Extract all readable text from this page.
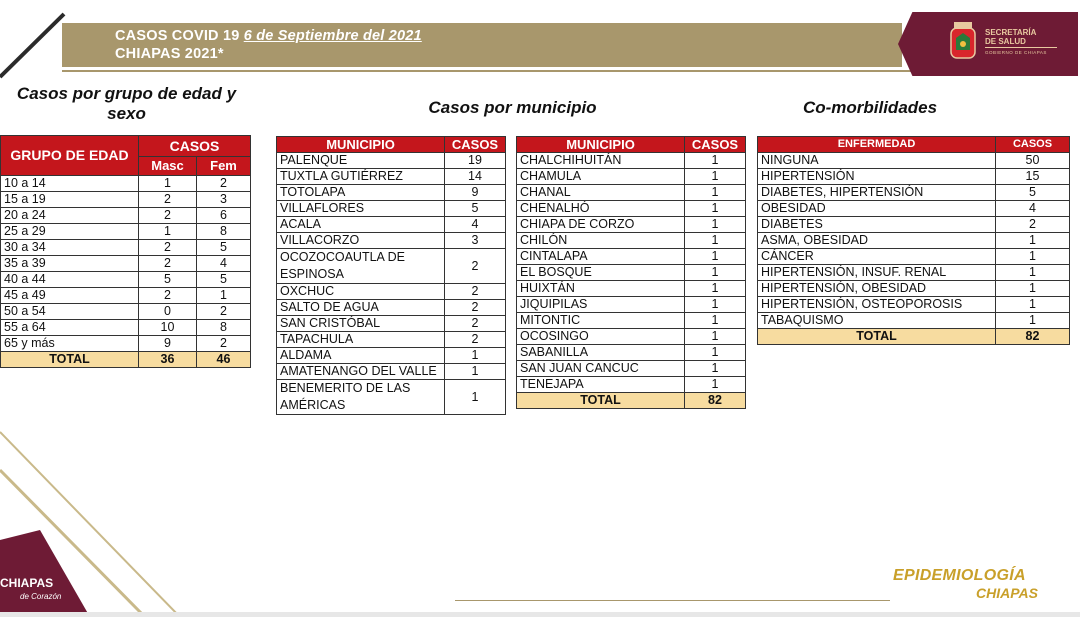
CASOS COVID 19 6 de Septiembre del 2021
CHIAPAS 2021*
SECRETARÍA
DE SALUD
GOBIERNO DE CHIAPAS
Casos por grupo de edad y sexo	Casos por municipio	Co-morbilidades
GRUPO DE EDAD	CASOS	
	Masc	Fem
10 a 14	1	2
15 a 19	2	3
20 a 24	2	6
25 a 29	1	8
30 a 34	2	5
35 a 39	2	4
40 a 44	5	5
45 a 49	2	1
50 a 54	0	2
55 a 64	10	8
65 y más	9	2
TOTAL	36	46
MUNICIPIO	CASOS
PALENQUE	19
TUXTLA GUTIÉRREZ	14
TOTOLAPA	9
VILLAFLORES	5
ACALA	4
VILLACORZO	3
OCOZOCOAUTLA DE ESPINOSA	2
OXCHUC	2
SALTO DE AGUA	2
SAN CRISTÓBAL	2
TAPACHULA	2
ALDAMA	1
AMATENANGO DEL VALLE	1
BENEMERITO DE LAS AMÉRICAS	1
MUNICIPIO	CASOS
CHALCHIHUITÁN	1
CHAMULA	1
CHANAL	1
CHENALHÓ	1
CHIAPA DE CORZO	1
CHILÓN	1
CINTALAPA	1
EL BOSQUE	1
HUIXTÁN	1
JIQUIPILAS	1
MITONTIC	1
OCOSINGO	1
SABANILLA	1
SAN JUAN CANCUC	1
TENEJAPA	1
TOTAL	82
ENFERMEDAD	CASOS
NINGUNA	50
HIPERTENSIÓN	15
DIABETES, HIPERTENSIÓN	5
OBESIDAD	4
DIABETES	2
ASMA, OBESIDAD	1
CÁNCER	1
HIPERTENSIÓN, INSUF. RENAL	1
HIPERTENSIÓN, OBESIDAD	1
HIPERTENSIÓN, OSTEOPOROSIS	1
TABAQUISMO	1
TOTAL	82
CHIAPAS
de Corazón
EPIDEMIOLOGÍA
CHIAPAS
